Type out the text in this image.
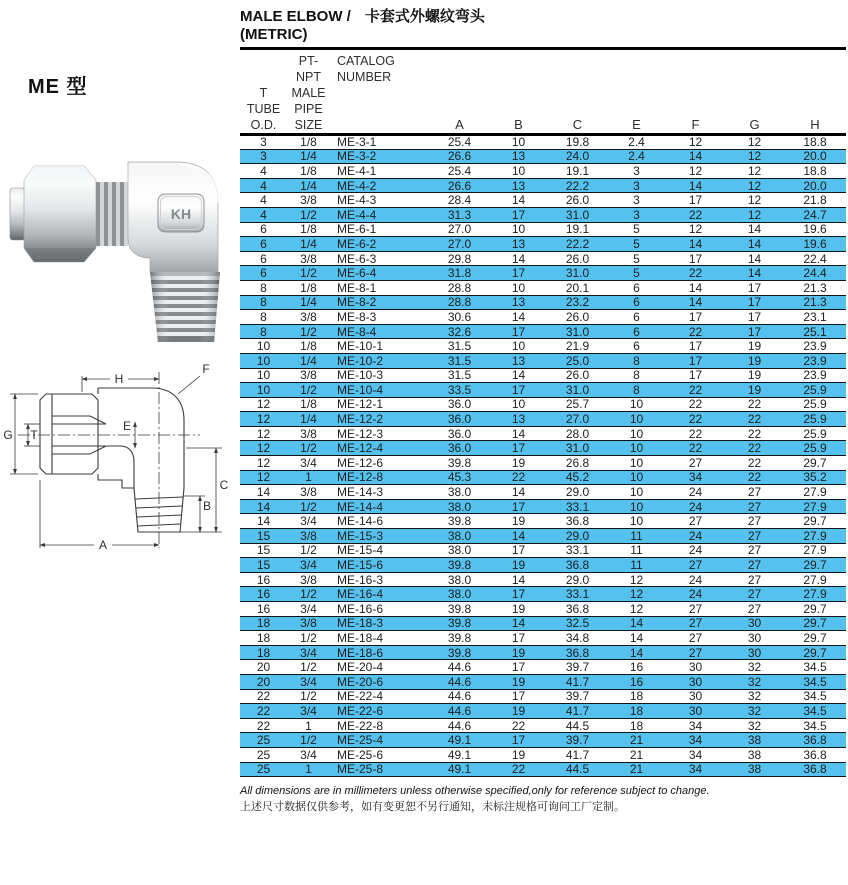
ME 型
KH
H
F
G T
E
C
B
A
MALE ELBOW / 卡套式外螺纹弯头
(METRIC)
T
TUBE
O.D.

PT-NPT
MALE
PIPE
SIZE

CATALOG
NUMBER

A	B	C	E	F	G	H

3	1/8	ME-3-1	25.4	10	19.8	2.4	12	12	18.8
3	1/4	ME-3-2	26.6	13	24.0	2.4	14	12	20.0
4	1/8	ME-4-1	25.4	10	19.1	3	12	12	18.8
4	1/4	ME-4-2	26.6	13	22.2	3	14	12	20.0
4	3/8	ME-4-3	28.4	14	26.0	3	17	12	21.8
4	1/2	ME-4-4	31.3	17	31.0	3	22	12	24.7
6	1/8	ME-6-1	27.0	10	19.1	5	12	14	19.6
6	1/4	ME-6-2	27.0	13	22.2	5	14	14	19.6
6	3/8	ME-6-3	29.8	14	26.0	5	17	14	22.4
6	1/2	ME-6-4	31.8	17	31.0	5	22	14	24.4
8	1/8	ME-8-1	28.8	10	20.1	6	14	17	21.3
8	1/4	ME-8-2	28.8	13	23.2	6	14	17	21.3
8	3/8	ME-8-3	30.6	14	26.0	6	17	17	23.1
8	1/2	ME-8-4	32.6	17	31.0	6	22	17	25.1
10	1/8	ME-10-1	31.5	10	21.9	6	17	19	23.9
10	1/4	ME-10-2	31.5	13	25.0	8	17	19	23.9
10	3/8	ME-10-3	31.5	14	26.0	8	17	19	23.9
10	1/2	ME-10-4	33.5	17	31.0	8	22	19	25.9
12	1/8	ME-12-1	36.0	10	25.7	10	22	22	25.9
12	1/4	ME-12-2	36.0	13	27.0	10	22	22	25.9
12	3/8	ME-12-3	36.0	14	28.0	10	22	22	25.9
12	1/2	ME-12-4	36.0	17	31.0	10	22	22	25.9
12	3/4	ME-12-6	39.8	19	26.8	10	27	22	29.7
12	1	ME-12-8	45.3	22	45.2	10	34	22	35.2
14	3/8	ME-14-3	38.0	14	29.0	10	24	27	27.9
14	1/2	ME-14-4	38.0	17	33.1	10	24	27	27.9
14	3/4	ME-14-6	39.8	19	36.8	10	27	27	29.7
15	3/8	ME-15-3	38.0	14	29.0	11	24	27	27.9
15	1/2	ME-15-4	38.0	17	33.1	11	24	27	27.9
15	3/4	ME-15-6	39.8	19	36.8	11	27	27	29.7
16	3/8	ME-16-3	38.0	14	29.0	12	24	27	27.9
16	1/2	ME-16-4	38.0	17	33.1	12	24	27	27.9
16	3/4	ME-16-6	39.8	19	36.8	12	27	27	29.7
18	3/8	ME-18-3	39.8	14	32.5	14	27	30	29.7
18	1/2	ME-18-4	39.8	17	34.8	14	27	30	29.7
18	3/4	ME-18-6	39.8	19	36.8	14	27	30	29.7
20	1/2	ME-20-4	44.6	17	39.7	16	30	32	34.5
20	3/4	ME-20-6	44.6	19	41.7	16	30	32	34.5
22	1/2	ME-22-4	44.6	17	39.7	18	30	32	34.5
22	3/4	ME-22-6	44.6	19	41.7	18	30	32	34.5
22	1	ME-22-8	44.6	22	44.5	18	34	32	34.5
25	1/2	ME-25-4	49.1	17	39.7	21	34	38	36.8
25	3/4	ME-25-6	49.1	19	41.7	21	34	38	36.8
25	1	ME-25-8	49.1	22	44.5	21	34	38	36.8
All dimensions are in millimeters unless otherwise specified,only for reference subject to change.
上述尺寸数据仅供参考，如有变更恕不另行通知，未标注规格可询问工厂定制。
